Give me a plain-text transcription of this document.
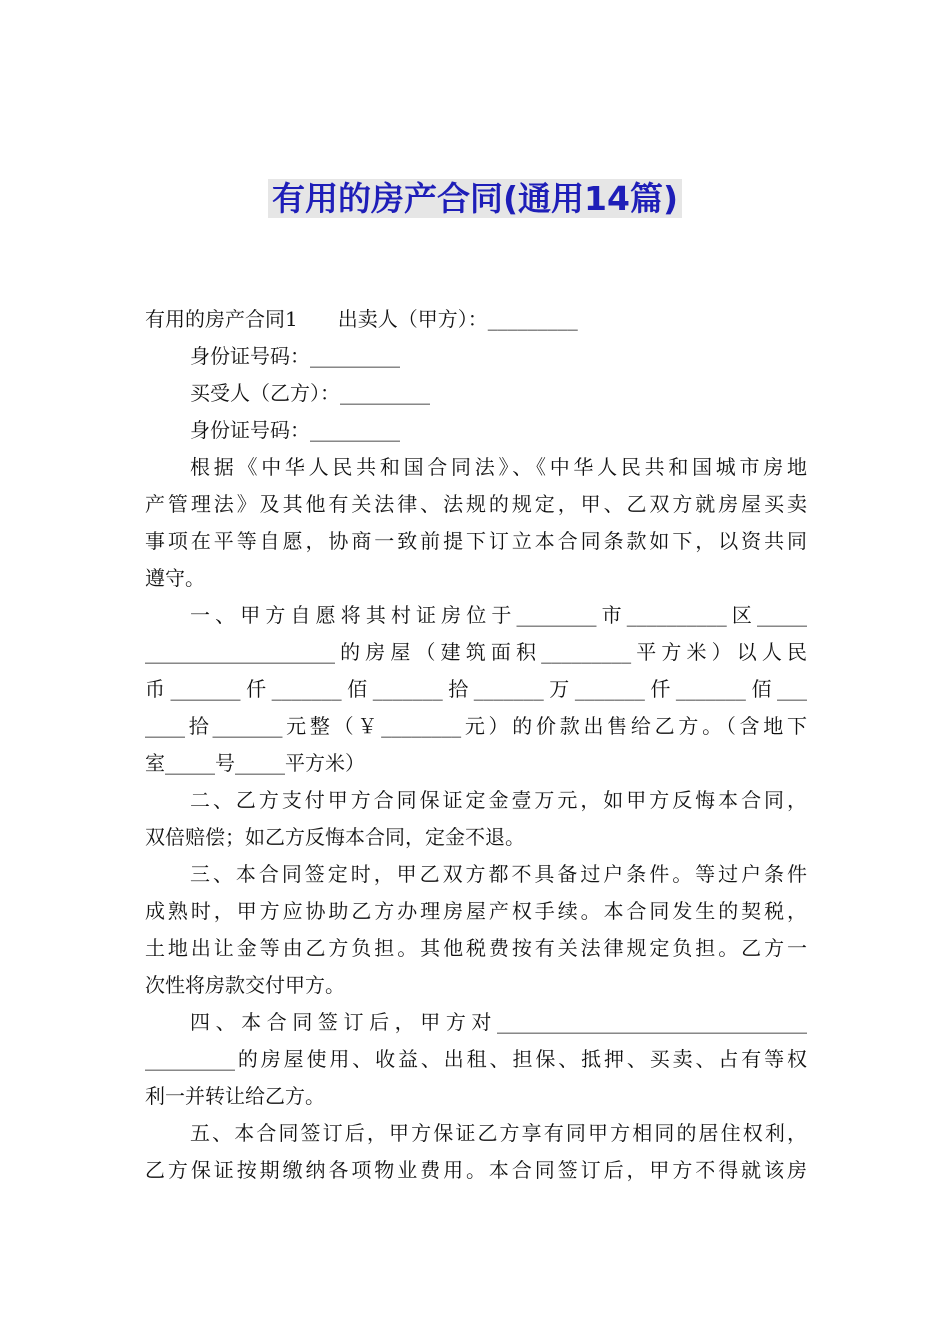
有用的房产合同(通用14篇)
有用的房产合同1　　出卖人（甲方）：_________
身份证号码：_________
买受人（乙方）：_________
身份证号码：_________
根据《中华人民共和国合同法》、《中华人民共和国城市房地
产管理法》及其他有关法律、法规的规定，甲、乙双方就房屋买卖
事项在平等自愿，协商一致前提下订立本合同条款如下，以资共同
遵守。
一、甲方自愿将其村证房位于________市__________区_____
___________________的房屋（建筑面积_________平方米）以人民
币_______仟_______佰_______拾_______万_______仟_______佰___
____拾_______元整（￥________元）的价款出售给乙方。（含地下
室_____号_____平方米）
二、乙方支付甲方合同保证定金壹万元，如甲方反悔本合同，
双倍赔偿；如乙方反悔本合同，定金不退。
三、本合同签定时，甲乙双方都不具备过户条件。等过户条件
成熟时，甲方应协助乙方办理房屋产权手续。本合同发生的契税，
土地出让金等由乙方负担。其他税费按有关法律规定负担。乙方一
次性将房款交付甲方。
四、本合同签订后，甲方对_______________________________
_________的房屋使用、收益、出租、担保、抵押、买卖、占有等权
利一并转让给乙方。
五、本合同签订后，甲方保证乙方享有同甲方相同的居住权利，
乙方保证按期缴纳各项物业费用。本合同签订后，甲方不得就该房
